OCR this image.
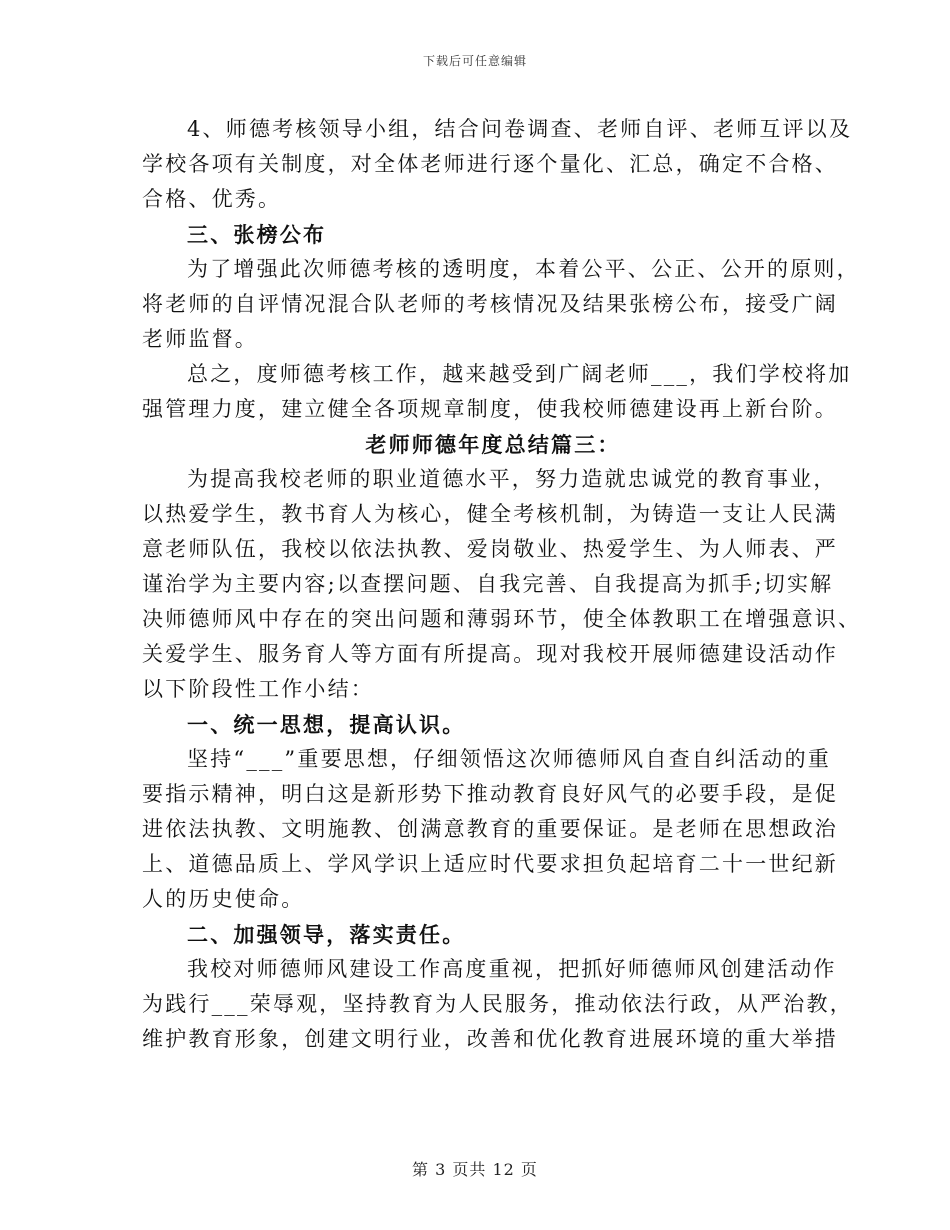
下载后可任意编辑
4、师德考核领导小组，结合问卷调查、老师自评、老师互评以及
学校各项有关制度，对全体老师进行逐个量化、汇总，确定不合格、
合格、优秀。
三、张榜公布
为了增强此次师德考核的透明度，本着公平、公正、公开的原则，
将老师的自评情况混合队老师的考核情况及结果张榜公布，接受广阔
老师监督。
总之，度师德考核工作，越来越受到广阔老师___，我们学校将加
强管理力度，建立健全各项规章制度，使我校师德建设再上新台阶。
老师师德年度总结篇三：
为提高我校老师的职业道德水平，努力造就忠诚党的教育事业，
以热爱学生，教书育人为核心，健全考核机制，为铸造一支让人民满
意老师队伍，我校以依法执教、爱岗敬业、热爱学生、为人师表、严
谨治学为主要内容;以查摆问题、自我完善、自我提高为抓手;切实解
决师德师风中存在的突出问题和薄弱环节，使全体教职工在增强意识、
关爱学生、服务育人等方面有所提高。现对我校开展师德建设活动作
以下阶段性工作小结：
一、统一思想，提高认识。
坚持“___”重要思想，仔细领悟这次师德师风自查自纠活动的重
要指示精神，明白这是新形势下推动教育良好风气的必要手段，是促
进依法执教、文明施教、创满意教育的重要保证。是老师在思想政治
上、道德品质上、学风学识上适应时代要求担负起培育二十一世纪新
人的历史使命。
二、加强领导，落实责任。
我校对师德师风建设工作高度重视，把抓好师德师风创建活动作
为践行___荣辱观，坚持教育为人民服务，推动依法行政，从严治教，
维护教育形象，创建文明行业，改善和优化教育进展环境的重大举措
第 3 页共 12 页
